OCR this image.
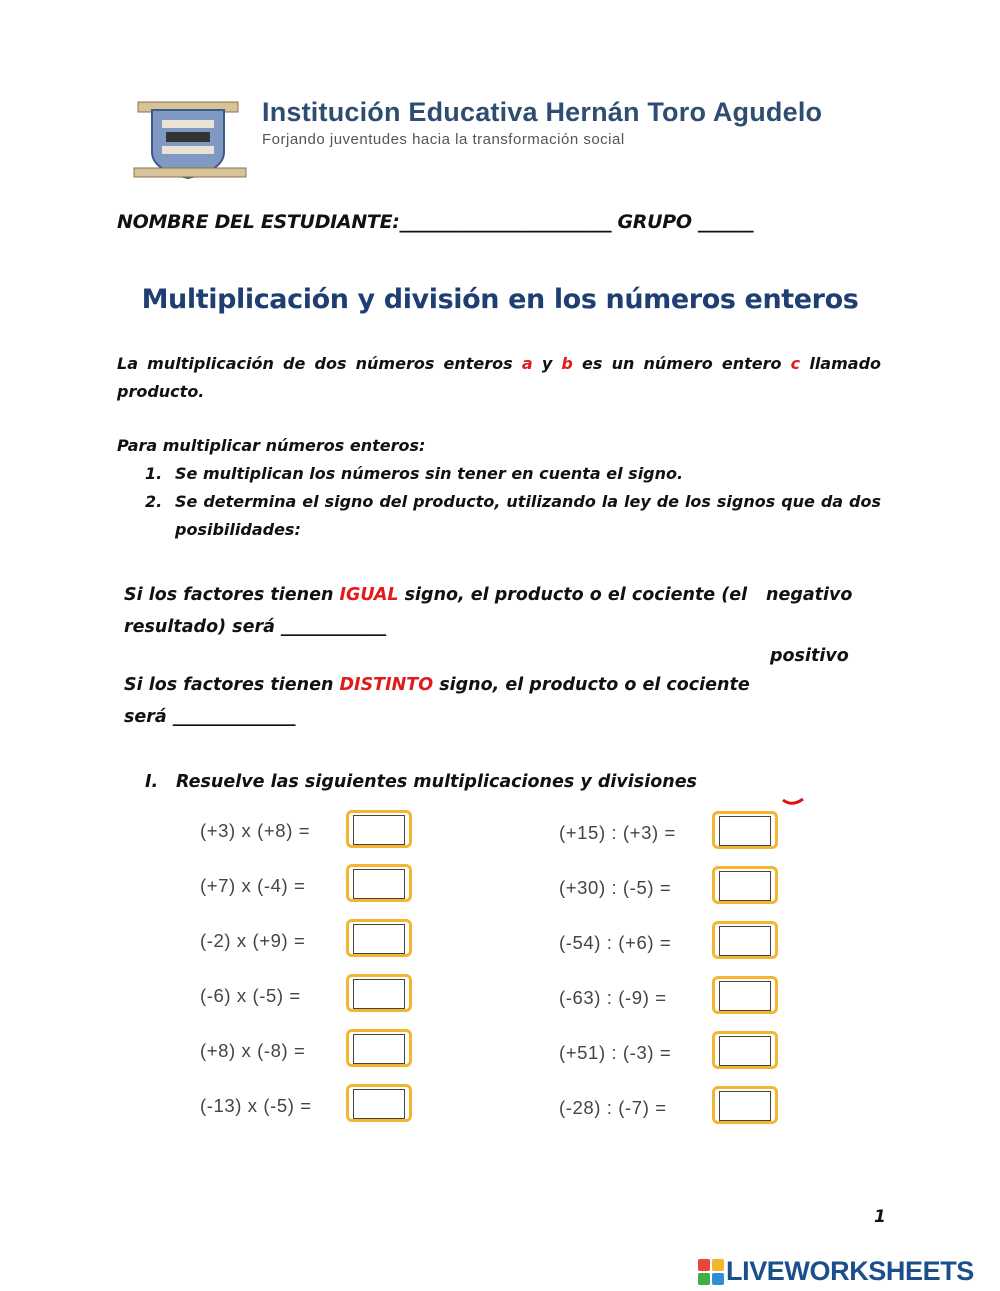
Institución Educativa Hernán Toro Agudelo
Forjando juventudes hacia la transformación social
NOMBRE DEL ESTUDIANTE:_______________________ GRUPO ______
Multiplicación y división en los números enteros
La multiplicación de dos números enteros a y b es un número entero c llamado producto.
Para multiplicar números enteros:
1. Se multiplican los números sin tener en cuenta el signo.
2. Se determina el signo del producto, utilizando la ley de los signos que da dos posibilidades:
Si los factores tienen IGUAL signo, el producto o el cociente (el
resultado) será ____________
negativo
positivo
Si los factores tienen DISTINTO signo, el producto o el cociente
será ______________
I. Resuelve las siguientes multiplicaciones y divisiones
(+3) x (+8) =
(+7) x (-4) =
(-2) x (+9) =
(-6) x (-5) =
(+8) x (-8) =
(-13) x (-5) =
(+15) : (+3) =
(+30) : (-5) =
(-54) : (+6) =
(-63) : (-9) =
(+51) : (-3) =
(-28) : (-7) =
1
LIVEWORKSHEETS
